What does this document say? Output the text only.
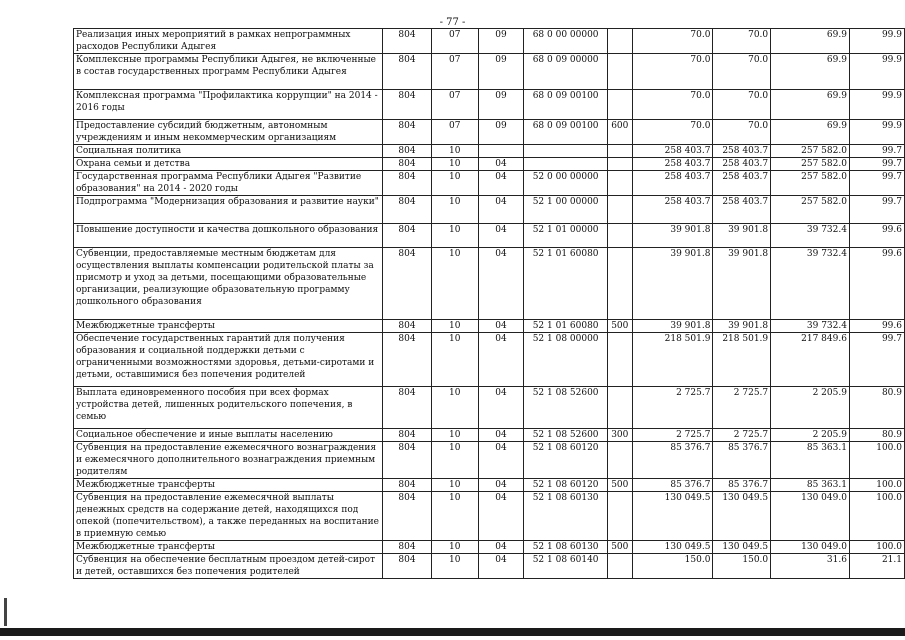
- 77 -
Реализация иных мероприятий в рамках непрограммных расходов Республики Адыгея	804	07	09	68 0 00 00000		70.0	70.0	69.9	99.9
Комплексные программы Республики Адыгея, не включенные в состав государственных программ Республики Адыгея	804	07	09	68 0 09 00000		70.0	70.0	69.9	99.9
Комплексная программа "Профилактика коррупции" на 2014 - 2016 годы	804	07	09	68 0 09 00100		70.0	70.0	69.9	99.9
Предоставление субсидий бюджетным, автономным учреждениям и иным некоммерческим организациям	804	07	09	68 0 09 00100	600	70.0	70.0	69.9	99.9
Социальная политика	804	10				258 403.7	258 403.7	257 582.0	99.7
Охрана семьи и детства	804	10	04			258 403.7	258 403.7	257 582.0	99.7
Государственная программа Республики Адыгея "Развитие образования" на 2014 - 2020 годы	804	10	04	52 0 00 00000		258 403.7	258 403.7	257 582.0	99.7
Подпрограмма "Модернизация образования и развитие науки"	804	10	04	52 1 00 00000		258 403.7	258 403.7	257 582.0	99.7
Повышение доступности и качества дошкольного образования	804	10	04	52 1 01 00000		39 901.8	39 901.8	39 732.4	99.6
Субвенции, предоставляемые местным бюджетам для осуществления выплаты компенсации родительской платы за присмотр и уход за детьми, посещающими образовательные организации, реализующие образовательную программу дошкольного образования	804	10	04	52 1 01 60080		39 901.8	39 901.8	39 732.4	99.6
Межбюджетные трансферты	804	10	04	52 1 01 60080	500	39 901.8	39 901.8	39 732.4	99.6
Обеспечение государственных гарантий для получения образования и социальной поддержки детьми с ограниченными возможностями здоровья, детьми-сиротами и детьми, оставшимися без попечения родителей	804	10	04	52 1 08 00000		218 501.9	218 501.9	217 849.6	99.7
Выплата единовременного пособия при всех формах устройства детей, лишенных родительского попечения, в семью	804	10	04	52 1 08 52600		2 725.7	2 725.7	2 205.9	80.9
Социальное обеспечение и иные выплаты населению	804	10	04	52 1 08 52600	300	2 725.7	2 725.7	2 205.9	80.9
Субвенция на предоставление ежемесячного вознаграждения и ежемесячного дополнительного вознаграждения приемным родителям	804	10	04	52 1 08 60120		85 376.7	85 376.7	85 363.1	100.0
Межбюджетные трансферты	804	10	04	52 1 08 60120	500	85 376.7	85 376.7	85 363.1	100.0
Субвенция на предоставление ежемесячной выплаты денежных средств на содержание детей, находящихся под опекой (попечительством), а также переданных на воспитание в приемную семью	804	10	04	52 1 08 60130		130 049.5	130 049.5	130 049.0	100.0
Межбюджетные трансферты	804	10	04	52 1 08 60130	500	130 049.5	130 049.5	130 049.0	100.0
Субвенция на обеспечение бесплатным проездом детей-сирот и детей, оставшихся без попечения родителей	804	10	04	52 1 08 60140		150.0	150.0	31.6	21.1
